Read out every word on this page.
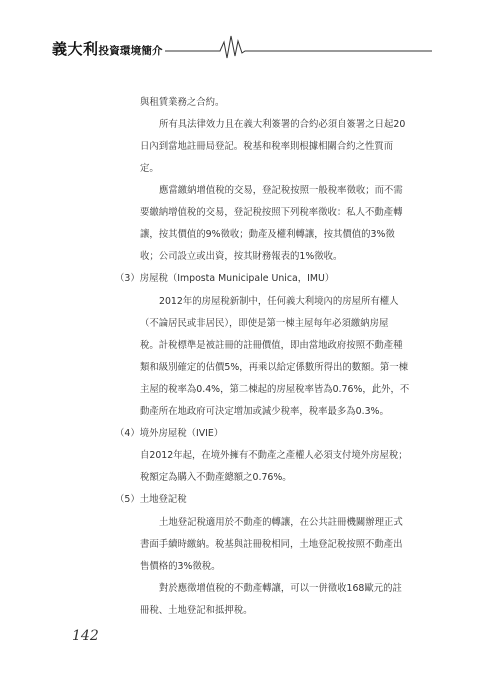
義大利投資環境簡介
與租賃業務之合約。
所有具法律效力且在義大利簽署的合約必須自簽署之日起20
日內到當地註冊局登記。稅基和稅率則根據相關合約之性質而
定。
應當繳納增值稅的交易，登記稅按照一般稅率徵收；而不需
要繳納增值稅的交易，登記稅按照下列稅率徵收：私人不動產轉
讓，按其價值的9%徵收；動產及權利轉讓，按其價值的3%徵
收；公司設立或出資，按其財務報表的1%徵收。
（3）房屋稅（Imposta Municipale Unica，IMU）
2012年的房屋稅新制中，任何義大利境內的房屋所有權人
（不論居民或非居民），即使是第一棟主屋每年必須繳納房屋
稅。計稅標準是被註冊的註冊價值，即由當地政府按照不動產種
類和級別確定的估價5%，再乘以給定係數所得出的數額。第一棟
主屋的稅率為0.4%，第二棟起的房屋稅率皆為0.76%，此外，不
動產所在地政府可決定增加或減少稅率，稅率最多為0.3%。
（4）境外房屋稅（IVIE）
自2012年起，在境外擁有不動產之產權人必須支付境外房屋稅；
稅額定為購入不動產總額之0.76%。
（5）土地登記稅
土地登記稅適用於不動產的轉讓，在公共註冊機關辦理正式
書面手續時繳納。稅基與註冊稅相同，土地登記稅按照不動產出
售價格的3%徵稅。
對於應徵增值稅的不動產轉讓，可以一併徵收168歐元的註
冊稅、土地登記和抵押稅。
142
